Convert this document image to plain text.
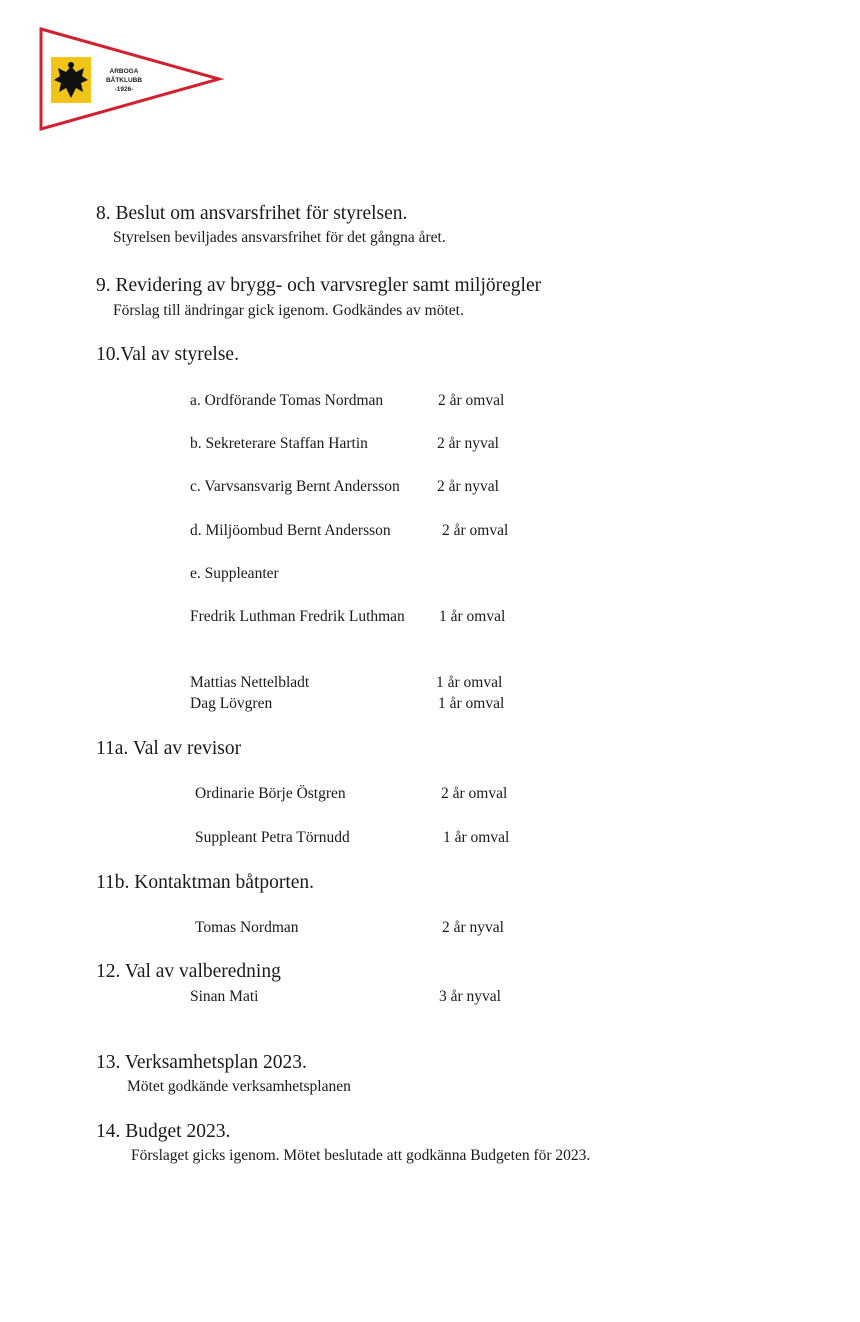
ARBOGA
BÅTKLUBB
-1926-
8. Beslut om ansvarsfrihet för styrelsen.
Styrelsen beviljades ansvarsfrihet för det gångna året.
9. Revidering av brygg- och varvsregler samt miljöregler
Förslag till ändringar gick igenom. Godkändes av mötet.
10.Val av styrelse.
a. Ordförande Tomas Nordman	2 år omval
b. Sekreterare Staffan Hartin	2 år nyval
c. Varvsansvarig Bernt Andersson 2 år nyval
d. Miljöombud Bernt Andersson	2 år omval
e. Suppleanter
Fredrik Luthman Fredrik Luthman 1 år omval
Mattias Nettelbladt	1 år omval
Dag Lövgren	1 år omval
11a. Val av revisor
Ordinarie Börje Östgren	2 år omval
Suppleant Petra Törnudd	1 år omval
11b. Kontaktman båtporten.
Tomas Nordman	2 år nyval
12. Val av valberedning
Sinan Mati	3 år nyval
13. Verksamhetsplan 2023.
Mötet godkände verksamhetsplanen
14. Budget 2023.
Förslaget gicks igenom. Mötet beslutade att godkänna Budgeten för 2023.
